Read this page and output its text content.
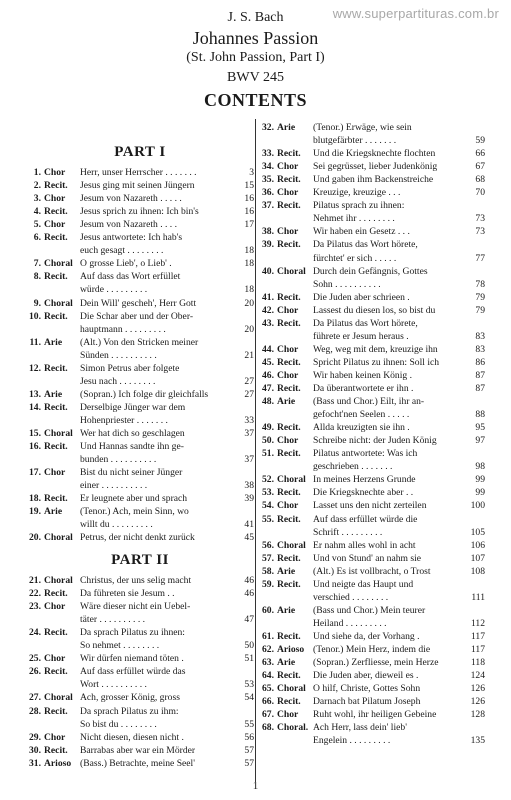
www.superpartituras.com.br
J. S. Bach
Johannes Passion
(St. John Passion, Part I)
BWV 245
CONTENTS
PART I
1. Chor Herr, unser Herrscher . . . . . . .	3
2. Recit. Jesus ging mit seinen Jüngern	15
3. Chor Jesum von Nazareth . . . . .	16
4. Recit. Jesus sprich zu ihnen: Ich bin's	16
5. Chor Jesum von Nazareth . . . .	17
6. Recit. Jesus antwortete: Ich hab's
euch gesagt . . . . . . . .	18
7. Choral O grosse Lieb', o Lieb' .	18
8. Recit. Auf dass das Wort erfüllet
würde . . . . . . . . .	18
9. Choral Dein Will' gescheh', Herr Gott	20
10. Recit. Die Schar aber und der Ober-
hauptmann . . . . . . . . .	20
11. Arie (Alt.) Von den Stricken meiner
Sünden . . . . . . . . . .	21
12. Recit. Simon Petrus aber folgete
Jesu nach . . . . . . . .	27
13. Arie (Sopran.) Ich folge dir gleichfalls	27
14. Recit. Derselbige Jünger war dem
Hohenpriester . . . . . . .	33
15. Choral Wer hat dich so geschlagen	37
16. Recit. Und Hannas sandte ihn ge-
bunden . . . . . . . . . .	37
17. Chor Bist du nicht seiner Jünger
einer . . . . . . . . . .	38
18. Recit. Er leugnete aber und sprach	39
19. Arie (Tenor.) Ach, mein Sinn, wo
willt du . . . . . . . . .	41
20. Choral Petrus, der nicht denkt zurück	45
PART II
21. Choral Christus, der uns selig macht	46
22. Recit. Da führeten sie Jesum . .	46
23. Chor Wäre dieser nicht ein Uebel-
täter . . . . . . . . . .	47
24. Recit. Da sprach Pilatus zu ihnen:
So nehmet . . . . . . . .	50
25. Chor Wir dürfen niemand töten .	51
26. Recit. Auf dass erfüllet würde das
Wort . . . . . . . . . .	53
27. Choral Ach, grosser König, gross	54
28. Recit. Da sprach Pilatus zu ihm:
So bist du . . . . . . . .	55
29. Chor Nicht diesen, diesen nicht .	56
30. Recit. Barrabas aber war ein Mörder	57
31. Arioso (Bass.) Betrachte, meine Seel'	57
32. Arie (Tenor.) Erwäge, wie sein
blutgefärbter . . . . . . .	59
33. Recit. Und die Kriegsknechte flochten	66
34. Chor Sei gegrüsset, lieber Judenkönig	67
35. Recit. Und gaben ihm Backenstreiche	68
36. Chor Kreuzige, kreuzige . . .	70
37. Recit. Pilatus sprach zu ihnen:
Nehmet ihr . . . . . . . .	73
38. Chor Wir haben ein Gesetz . . .	73
39. Recit. Da Pilatus das Wort hörete,
fürchtet' er sich . . . . .	77
40. Choral Durch dein Gefängnis, Gottes
Sohn . . . . . . . . . .	78
41. Recit. Die Juden aber schrieen .	79
42. Chor Lassest du diesen los, so bist du	79
43. Recit. Da Pilatus das Wort hörete,
führete er Jesum heraus .	83
44. Chor Weg, weg mit dem, kreuzige ihn	83
45. Recit. Spricht Pilatus zu ihnen: Soll ich	86
46. Chor Wir haben keinen König .	87
47. Recit. Da überantwortete er ihn .	87
48. Arie (Bass und Chor.) Eilt, ihr an-
gefocht'nen Seelen . . . . .	88
49. Recit. Allda kreuzigten sie ihn .	95
50. Chor Schreibe nicht: der Juden König	97
51. Recit. Pilatus antwortete: Was ich
geschrieben . . . . . . .	98
52. Choral In meines Herzens Grunde	99
53. Recit. Die Kriegsknechte aber . .	99
54. Chor Lasset uns den nicht zerteilen	100
55. Recit. Auf dass erfüllet würde die
Schrift . . . . . . . . .	105
56. Choral Er nahm alles wohl in acht	106
57. Recit. Und von Stund' an nahm sie	107
58. Arie (Alt.) Es ist vollbracht, o Trost	108
59. Recit. Und neigte das Haupt und
verschied . . . . . . . .	111
60. Arie (Bass und Chor.) Mein teurer
Heiland . . . . . . . . .	112
61. Recit. Und siehe da, der Vorhang .	117
62. Arioso (Tenor.) Mein Herz, indem die	117
63. Arie (Sopran.) Zerfliesse, mein Herze	118
64. Recit. Die Juden aber, dieweil es .	124
65. Choral O hilf, Christe, Gottes Sohn	126
66. Recit. Darnach bat Pilatum Joseph	126
67. Chor Ruht wohl, ihr heiligen Gebeine	128
68. Choral. Ach Herr, lass dein' lieb'
Engelein . . . . . . . . .	135
1
